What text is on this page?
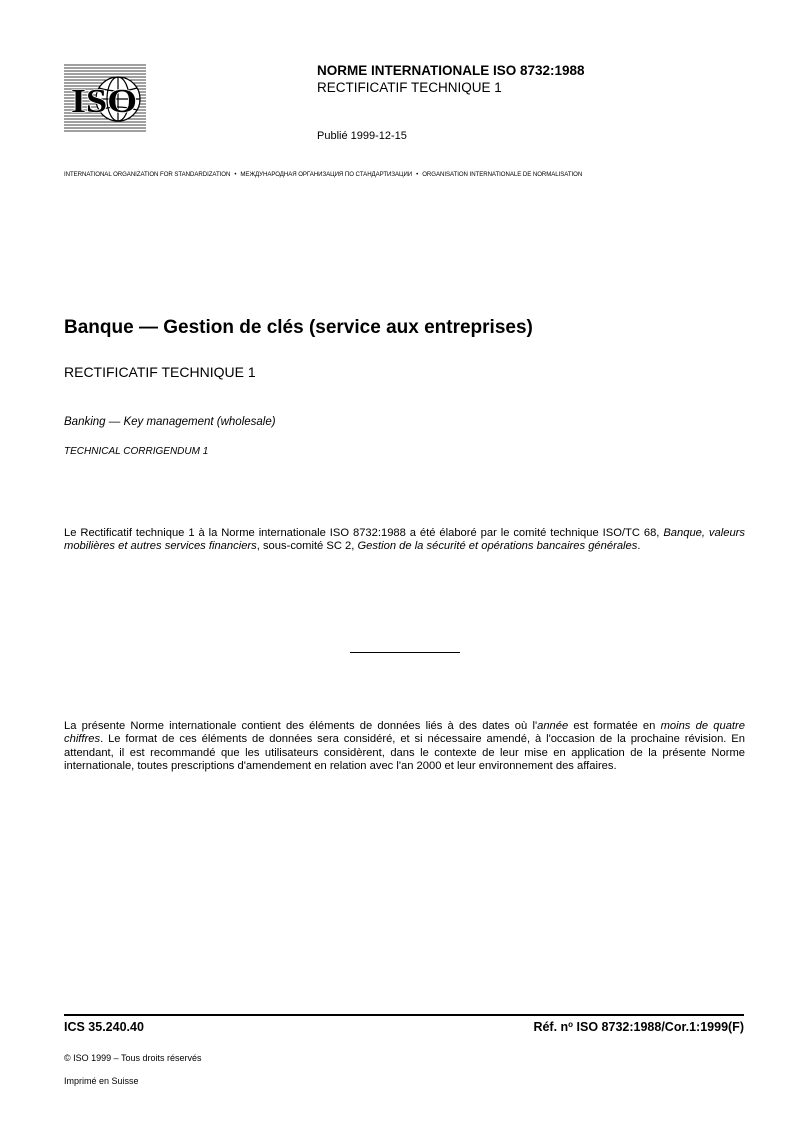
ISO
NORME INTERNATIONALE ISO 8732:1988
RECTIFICATIF TECHNIQUE 1
Publié 1999-12-15
INTERNATIONAL ORGANIZATION FOR STANDARDIZATION • МЕЖДУНАРОДНАЯ ОРГАНИЗАЦИЯ ПО СТАНДАРТИЗАЦИИ • ORGANISATION INTERNATIONALE DE NORMALISATION
Banque — Gestion de clés (service aux entreprises)
RECTIFICATIF TECHNIQUE 1
Banking — Key management (wholesale)
TECHNICAL CORRIGENDUM 1
Le Rectificatif technique 1 à la Norme internationale ISO 8732:1988 a été élaboré par le comité technique ISO/TC 68, Banque, valeurs mobilières et autres services financiers, sous-comité SC 2, Gestion de la sécurité et opérations bancaires générales.
La présente Norme internationale contient des éléments de données liés à des dates où l'année est formatée en moins de quatre chiffres. Le format de ces éléments de données sera considéré, et si nécessaire amendé, à l'occasion de la prochaine révision. En attendant, il est recommandé que les utilisateurs considèrent, dans le contexte de leur mise en application de la présente Norme internationale, toutes prescriptions d'amendement en relation avec l'an 2000 et leur environnement des affaires.
ICS 35.240.40	Réf. $n^o$ ISO 8732:1988/Cor.1:1999(F)
© ISO 1999 – Tous droits réservés
Imprimé en Suisse
